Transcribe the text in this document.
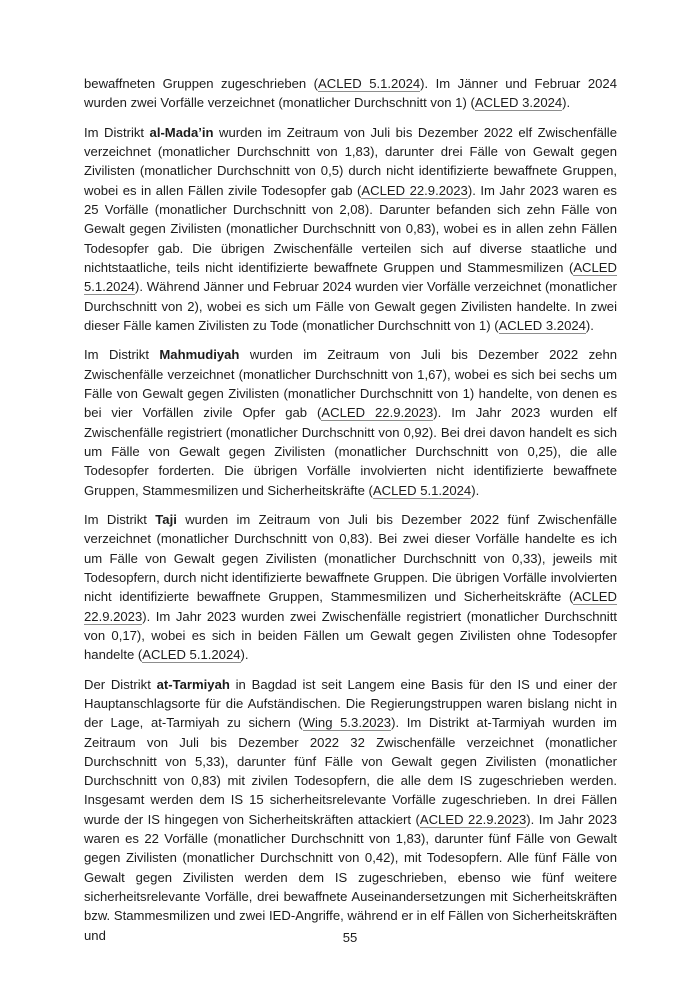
bewaffneten Gruppen zugeschrieben (ACLED 5.1.2024). Im Jänner und Februar 2024 wurden zwei Vorfälle verzeichnet (monatlicher Durchschnitt von 1) (ACLED 3.2024).

Im Distrikt al-Mada’in wurden im Zeitraum von Juli bis Dezember 2022 elf Zwischenfälle verzeichnet (monatlicher Durchschnitt von 1,83), darunter drei Fälle von Gewalt gegen Zivilisten (monatlicher Durchschnitt von 0,5) durch nicht identifizierte bewaffnete Gruppen, wobei es in allen Fällen zivile Todesopfer gab (ACLED 22.9.2023). Im Jahr 2023 waren es 25 Vorfälle (monatlicher Durchschnitt von 2,08). Darunter befanden sich zehn Fälle von Gewalt gegen Zivilisten (monatlicher Durchschnitt von 0,83), wobei es in allen zehn Fällen Todesopfer gab. Die übrigen Zwischenfälle verteilen sich auf diverse staatliche und nichtstaatliche, teils nicht identifizierte bewaffnete Gruppen und Stammesmilizen (ACLED 5.1.2024). Während Jänner und Februar 2024 wurden vier Vorfälle verzeichnet (monatlicher Durchschnitt von 2), wobei es sich um Fälle von Gewalt gegen Zivilisten handelte. In zwei dieser Fälle kamen Zivilisten zu Tode (monatlicher Durchschnitt von 1) (ACLED 3.2024).

Im Distrikt Mahmudiyah wurden im Zeitraum von Juli bis Dezember 2022 zehn Zwischenfälle verzeichnet (monatlicher Durchschnitt von 1,67), wobei es sich bei sechs um Fälle von Gewalt gegen Zivilisten (monatlicher Durchschnitt von 1) handelte, von denen es bei vier Vorfällen zivile Opfer gab (ACLED 22.9.2023). Im Jahr 2023 wurden elf Zwischenfälle registriert (monatlicher Durchschnitt von 0,92). Bei drei davon handelt es sich um Fälle von Gewalt gegen Zivilisten (monatlicher Durchschnitt von 0,25), die alle Todesopfer forderten. Die übrigen Vorfälle involvierten nicht identifizierte bewaffnete Gruppen, Stammesmilizen und Sicherheitskräfte (ACLED 5.1.2024).

Im Distrikt Taji wurden im Zeitraum von Juli bis Dezember 2022 fünf Zwischenfälle verzeichnet (monatlicher Durchschnitt von 0,83). Bei zwei dieser Vorfälle handelte es ich um Fälle von Gewalt gegen Zivilisten (monatlicher Durchschnitt von 0,33), jeweils mit Todesopfern, durch nicht identifizierte bewaffnete Gruppen. Die übrigen Vorfälle involvierten nicht identifizierte bewaffnete Gruppen, Stammesmilizen und Sicherheitskräfte (ACLED 22.9.2023). Im Jahr 2023 wurden zwei Zwischenfälle registriert (monatlicher Durchschnitt von 0,17), wobei es sich in beiden Fällen um Gewalt gegen Zivilisten ohne Todesopfer handelte (ACLED 5.1.2024).

Der Distrikt at-Tarmiyah in Bagdad ist seit Langem eine Basis für den IS und einer der Hauptanschlagsorte für die Aufständischen. Die Regierungstruppen waren bislang nicht in der Lage, at-Tarmiyah zu sichern (Wing 5.3.2023). Im Distrikt at-Tarmiyah wurden im Zeitraum von Juli bis Dezember 2022 32 Zwischenfälle verzeichnet (monatlicher Durchschnitt von 5,33), darunter fünf Fälle von Gewalt gegen Zivilisten (monatlicher Durchschnitt von 0,83) mit zivilen Todesopfern, die alle dem IS zugeschrieben werden. Insgesamt werden dem IS 15 sicherheitsrelevante Vorfälle zugeschrieben. In drei Fällen wurde der IS hingegen von Sicherheitskräften attackiert (ACLED 22.9.2023). Im Jahr 2023 waren es 22 Vorfälle (monatlicher Durchschnitt von 1,83), darunter fünf Fälle von Gewalt gegen Zivilisten (monatlicher Durchschnitt von 0,42), mit Todesopfern. Alle fünf Fälle von Gewalt gegen Zivilisten werden dem IS zugeschrieben, ebenso wie fünf weitere sicherheitsrelevante Vorfälle, drei bewaffnete Auseinandersetzungen mit Sicherheitskräften bzw. Stammesmilizen und zwei IED-Angriffe, während er in elf Fällen von Sicherheitskräften und	55
